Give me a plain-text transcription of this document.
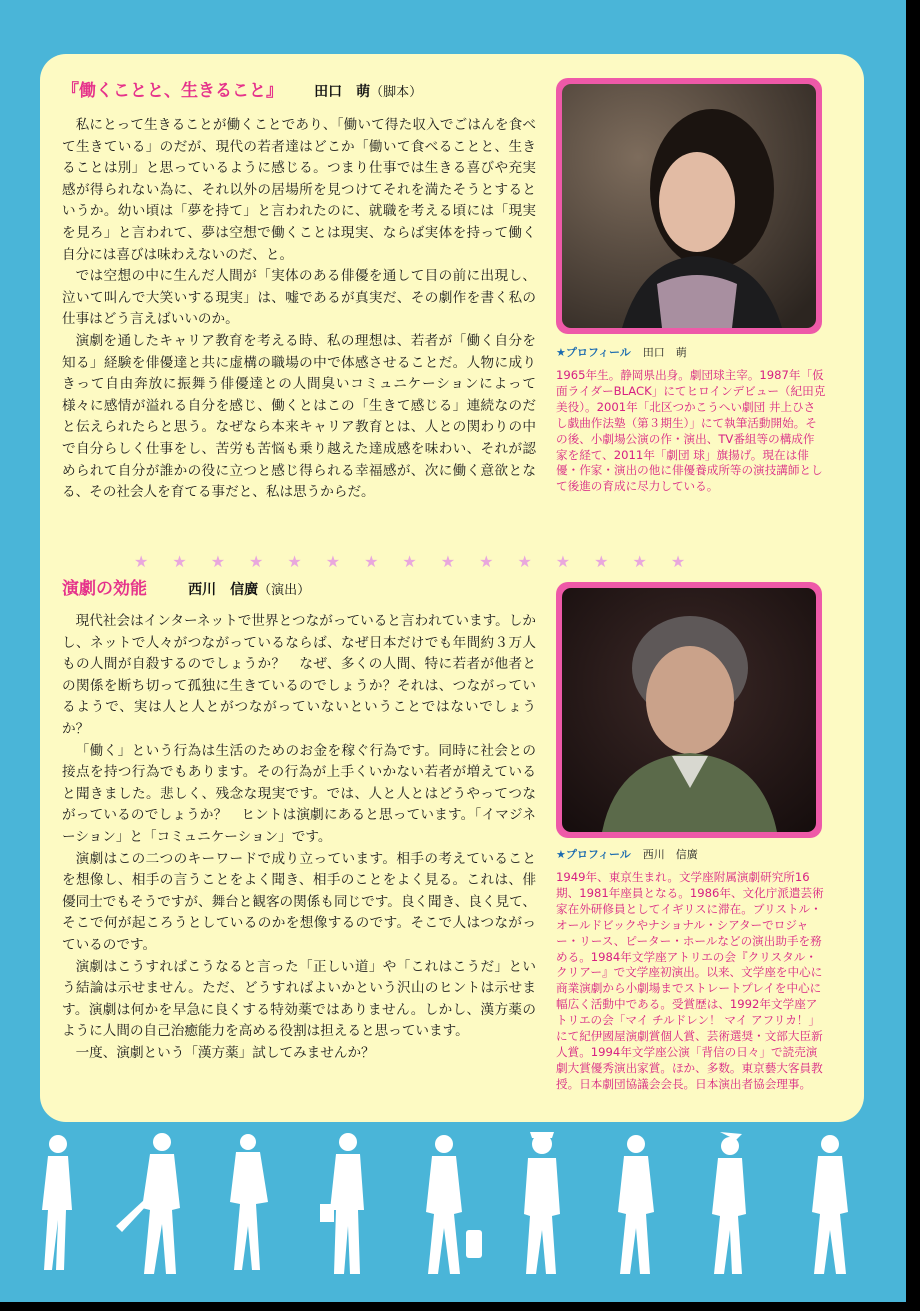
『働くことと、生きること』 田口　萌（脚本）

私にとって生きることが働くことであり、「働いて得た収入でごはんを食べて生きている」のだが、現代の若者達はどこか「働いて食べることと、生きることは別」と思っているように感じる。つまり仕事では生きる喜びや充実感が得られない為に、それ以外の居場所を見つけてそれを満たそうとするというか。幼い頃は「夢を持て」と言われたのに、就職を考える頃には「現実を見ろ」と言われて、夢は空想で働くことは現実、ならば実体を持って働く自分には喜びは味わえないのだ、と。

では空想の中に生んだ人間が「実体のある俳優を通して目の前に出現し、泣いて叫んで大笑いする現実」は、嘘であるが真実だ、その劇作を書く私の仕事はどう言えばいいのか。

演劇を通したキャリア教育を考える時、私の理想は、若者が「働く自分を知る」経験を俳優達と共に虚構の職場の中で体感させることだ。人物に成りきって自由奔放に振舞う俳優達との人間臭いコミュニケーションによって様々に感情が溢れる自分を感じ、働くとはこの「生きて感じる」連続なのだと伝えられたらと思う。なぜなら本来キャリア教育とは、人との関わりの中で自分らしく仕事をし、苦労も苦悩も乗り越えた達成感を味わい、それが認められて自分が誰かの役に立つと感じ得られる幸福感が、次に働く意欲となる、その社会人を育てる事だと、私は思うからだ。

★プロフィール 田口　萌

1965年生。静岡県出身。劇団球主宰。1987年「仮面ライダーBLACK」にてヒロインデビュー（紀田克美役）。2001年「北区つかこうへい劇団 井上ひさし戯曲作法塾（第３期生）」にて執筆活動開始。その後、小劇場公演の作・演出、TV番組等の構成作家を経て、2011年「劇団 球」旗揚げ。現在は俳優・作家・演出の他に俳優養成所等の演技講師として後進の育成に尽力している。

★ ★ ★ ★ ★ ★ ★ ★ ★ ★ ★ ★ ★ ★ ★
演劇の効能	西川　信廣（演出）

現代社会はインターネットで世界とつながっていると言われています。しかし、ネットで人々がつながっているならば、なぜ日本だけでも年間約３万人もの人間が自殺するのでしょうか？　なぜ、多くの人間、特に若者が他者との関係を断ち切って孤独に生きているのでしょうか？それは、つながっているようで、実は人と人とがつながっていないということではないでしょうか？

「働く」という行為は生活のためのお金を稼ぐ行為です。同時に社会との接点を持つ行為でもあります。その行為が上手くいかない若者が増えていると聞きました。悲しく、残念な現実です。では、人と人とはどうやってつながっているのでしょうか？　ヒントは演劇にあると思っています。「イマジネーション」と「コミュニケーション」です。

演劇はこの二つのキーワードで成り立っています。相手の考えていることを想像し、相手の言うことをよく聞き、相手のことをよく見る。これは、俳優同士でもそうですが、舞台と観客の関係も同じです。良く聞き、良く見て、そこで何が起ころうとしているのかを想像するのです。そこで人はつながっているのです。

演劇はこうすればこうなると言った「正しい道」や「これはこうだ」という結論は示せません。ただ、どうすればよいかという沢山のヒントは示せます。演劇は何かを早急に良くする特効薬ではありません。しかし、漢方薬のように人間の自己治癒能力を高める役割は担えると思っています。

一度、演劇という「漢方薬」試してみませんか？

★プロフィール 西川　信廣

1949年、東京生まれ。文学座附属演劇研究所16期、1981年座員となる。1986年、文化庁派遣芸術家在外研修員としてイギリスに滞在。ブリストル・オールドビックやナショナル・シアターでロジャー・リース、ピーター・ホールなどの演出助手を務める。1984年文学座アトリエの会『クリスタル・クリアー』で文学座初演出。以来、文学座を中心に商業演劇から小劇場までストレートプレイを中心に幅広く活動中である。受賞歴は、1992年文学座アトリエの会「マイ チルドレン！ マイ アフリカ！」にて紀伊國屋演劇賞個人賞、芸術選奨・文部大臣新人賞。1994年文学座公演「背信の日々」で読売演劇大賞優秀演出家賞。ほか、多数。東京藝大客員教授。日本劇団協議会会長。日本演出者協会理事。
